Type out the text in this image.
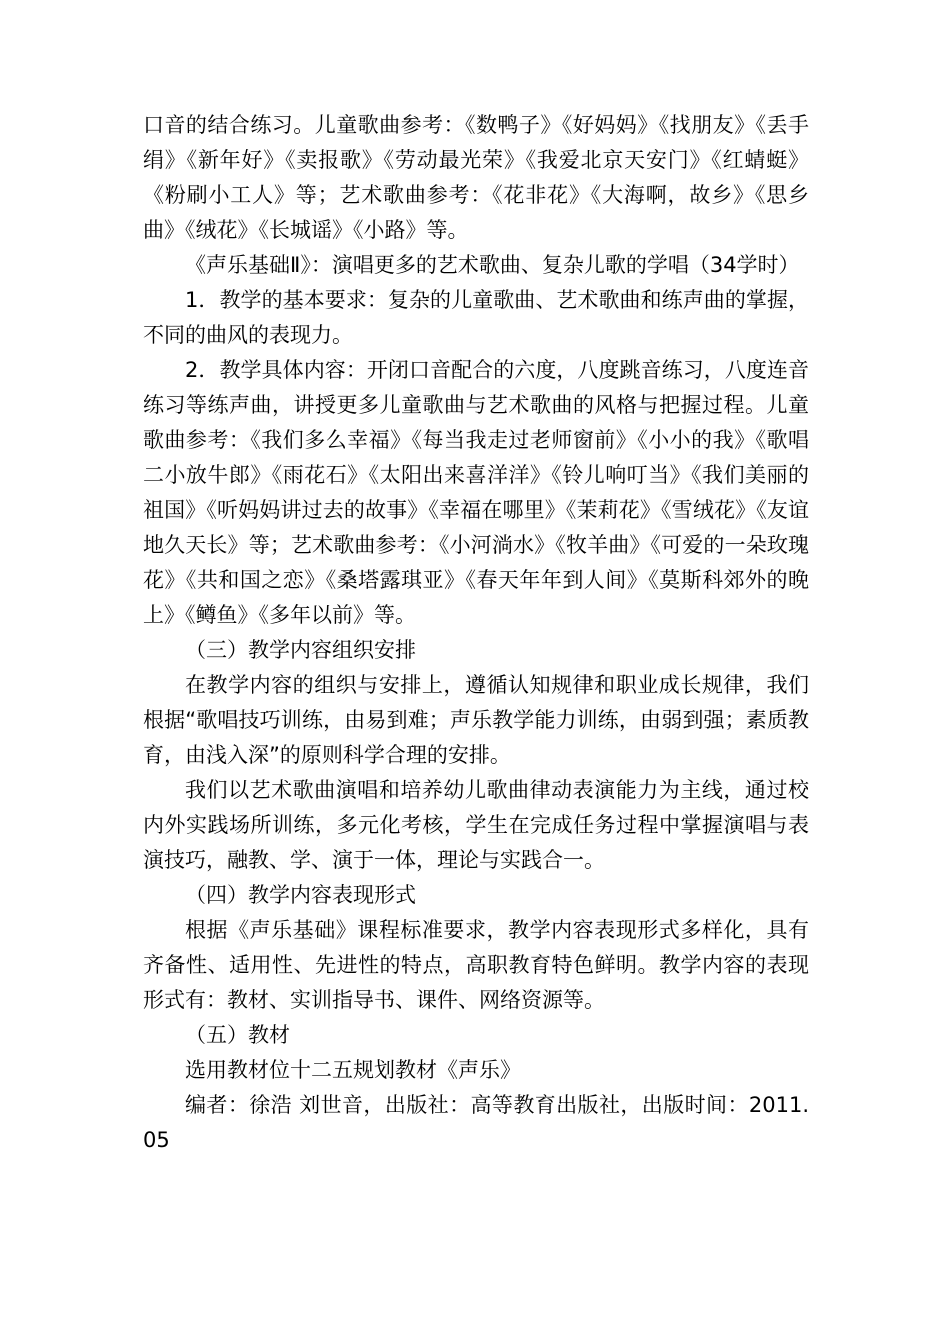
口音的结合练习。儿童歌曲参考：《数鸭子》《好妈妈》《找朋友》《丢手绢》《新年好》《卖报歌》《劳动最光荣》《我爱北京天安门》《红蜻蜓》《粉刷小工人》等；艺术歌曲参考：《花非花》《大海啊，故乡》《思乡曲》《绒花》《长城谣》《小路》等。

《声乐基础Ⅱ》：演唱更多的艺术歌曲、复杂儿歌的学唱（34学时）

1．教学的基本要求：复杂的儿童歌曲、艺术歌曲和练声曲的掌握，不同的曲风的表现力。

2．教学具体内容：开闭口音配合的六度，八度跳音练习，八度连音练习等练声曲，讲授更多儿童歌曲与艺术歌曲的风格与把握过程。儿童歌曲参考：《我们多么幸福》《每当我走过老师窗前》《小小的我》《歌唱二小放牛郎》《雨花石》《太阳出来喜洋洋》《铃儿响叮当》《我们美丽的祖国》《听妈妈讲过去的故事》《幸福在哪里》《茉莉花》《雪绒花》《友谊地久天长》等；艺术歌曲参考：《小河淌水》《牧羊曲》《可爱的一朵玫瑰花》《共和国之恋》《桑塔露琪亚》《春天年年到人间》《莫斯科郊外的晚上》《鳟鱼》《多年以前》等。

（三）教学内容组织安排

在教学内容的组织与安排上，遵循认知规律和职业成长规律，我们根据“歌唱技巧训练，由易到难；声乐教学能力训练，由弱到强；素质教育，由浅入深”的原则科学合理的安排。

我们以艺术歌曲演唱和培养幼儿歌曲律动表演能力为主线，通过校内外实践场所训练，多元化考核，学生在完成任务过程中掌握演唱与表演技巧，融教、学、演于一体，理论与实践合一。

（四）教学内容表现形式

根据《声乐基础》课程标准要求，教学内容表现形式多样化，具有齐备性、适用性、先进性的特点，高职教育特色鲜明。教学内容的表现形式有：教材、实训指导书、课件、网络资源等。

（五）教材

选用教材位十二五规划教材《声乐》

编者：徐浩 刘世音，出版社：高等教育出版社，出版时间：2011.05
